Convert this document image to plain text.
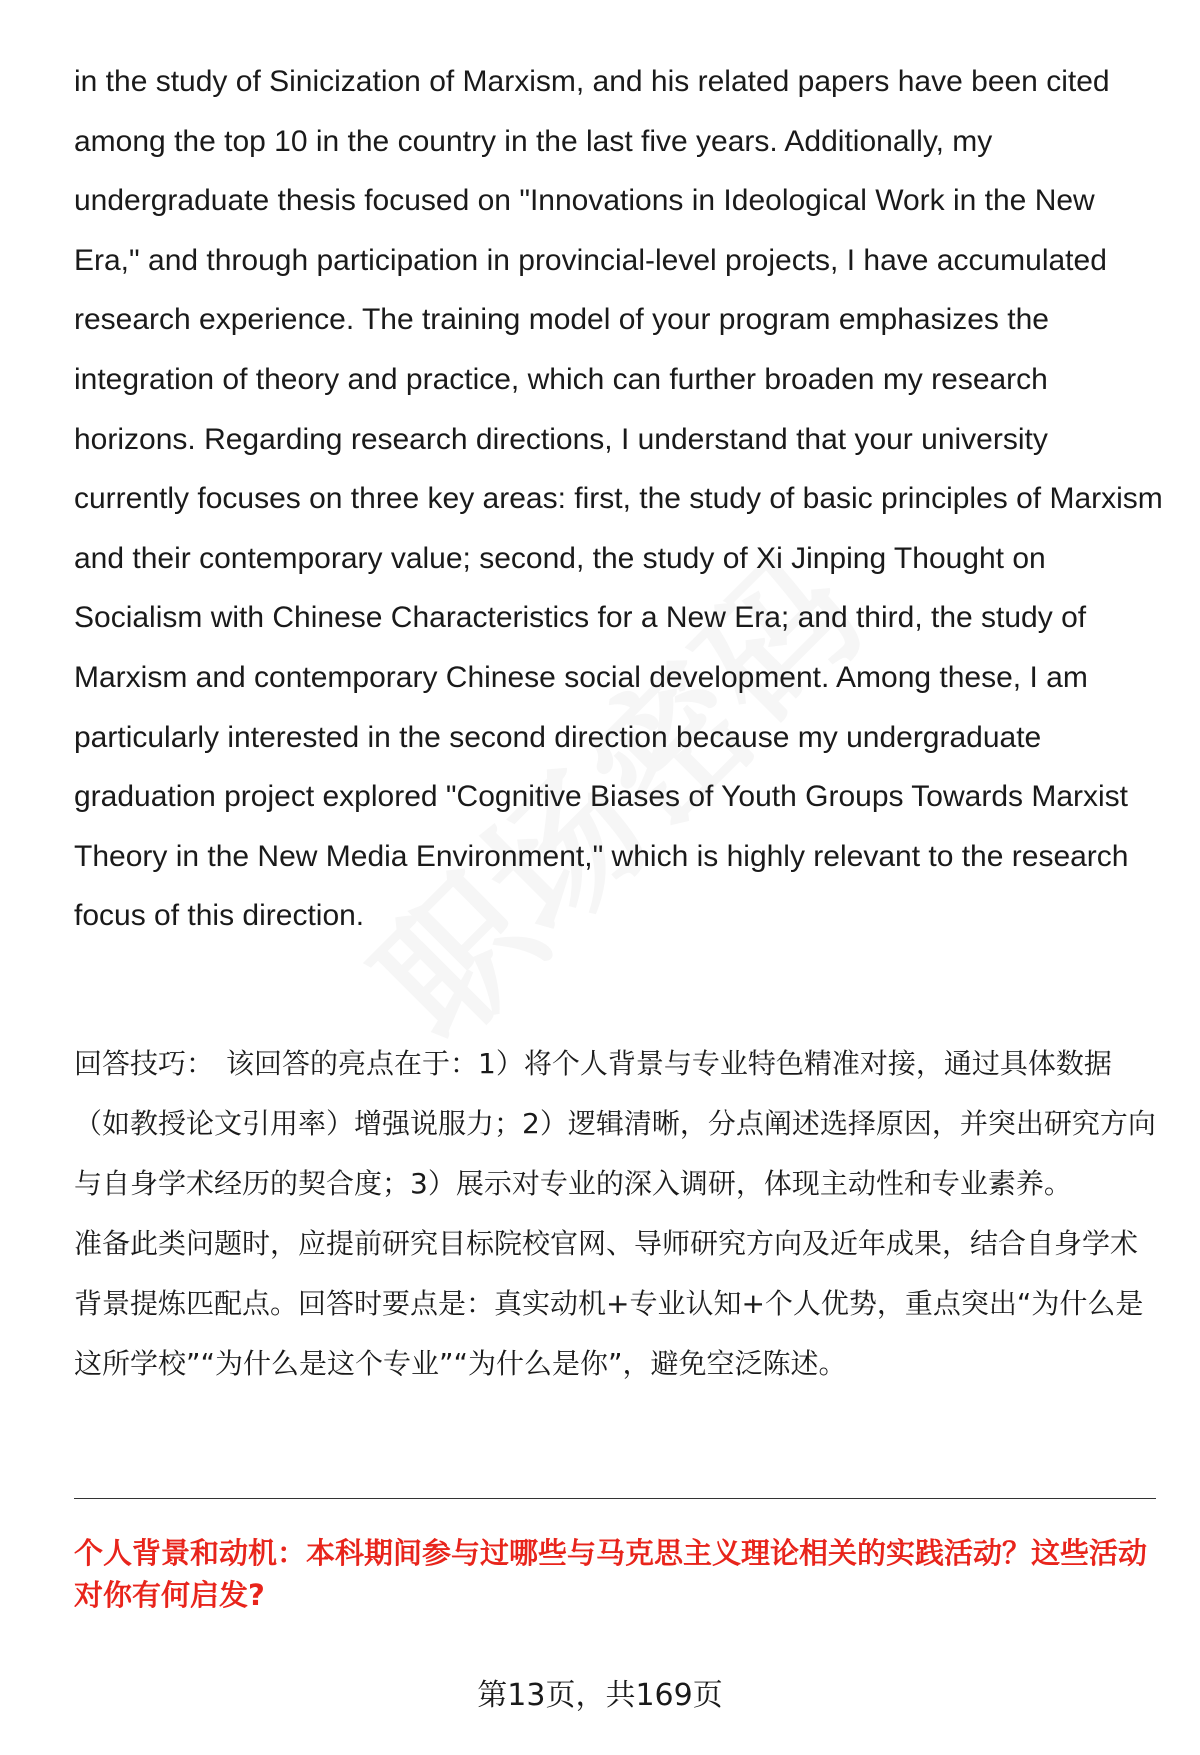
in the study of Sinicization of Marxism, and his related papers have been cited among the top 10 in the country in the last five years. Additionally, my undergraduate thesis focused on "Innovations in Ideological Work in the New Era," and through participation in provincial-level projects, I have accumulated research experience. The training model of your program emphasizes the integration of theory and practice, which can further broaden my research horizons. Regarding research directions, I understand that your university currently focuses on three key areas: first, the study of basic principles of Marxism and their contemporary value; second, the study of Xi Jinping Thought on Socialism with Chinese Characteristics for a New Era; and third, the study of Marxism and contemporary Chinese social development. Among these, I am particularly interested in the second direction because my undergraduate graduation project explored "Cognitive Biases of Youth Groups Towards Marxist Theory in the New Media Environment," which is highly relevant to the research focus of this direction.

回答技巧： 该回答的亮点在于：1）将个人背景与专业特色精准对接，通过具体数据（如教授论文引用率）增强说服力；2）逻辑清晰，分点阐述选择原因，并突出研究方向与自身学术经历的契合度；3）展示对专业的深入调研，体现主动性和专业素养。

准备此类问题时，应提前研究目标院校官网、导师研究方向及近年成果，结合自身学术背景提炼匹配点。回答时要点是：真实动机+专业认知+个人优势，重点突出“为什么是这所学校”“为什么是这个专业”“为什么是你”，避免空泛陈述。

个人背景和动机：本科期间参与过哪些与马克思主义理论相关的实践活动？这些活动对你有何启发?

第13页，共169页
